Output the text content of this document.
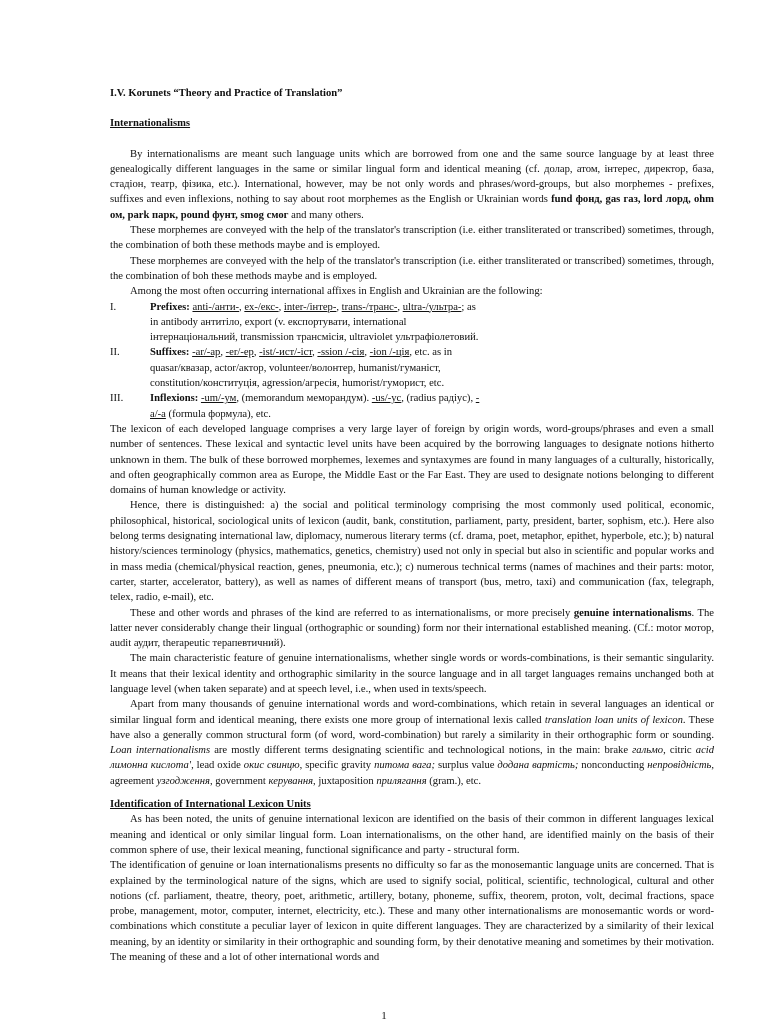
I.V. Korunets “Theory and Practice of Translation”
Internationalisms

By internationalisms are meant such language units which are borrowed from one and the same source language by at least three genealogically different languages in the same or similar lingual form and identical meaning (cf. долар, атом, інтерес, директор, база, стадіон, театр, фізика, etc.). International, however, may be not only words and phrases/word-groups, but also morphemes - prefixes, suffixes and even inflexions, nothing to say about root morphemes as the English or Ukrainian words fund фонд, gas газ, lord лорд, ohm ом, park парк, pound фунт, smog смог and many others.

These morphemes are conveyed with the help of the translator's transcription (i.e. either transliterated or transcribed) sometimes, through, the combination of both these methods maybe and is employed.

These morphemes are conveyed with the help of the translator's transcription (i.e. either transliterated or transcribed) sometimes, through, the combination of boh these methods maybe and is employed.

Among the most often occurring international affixes in English and Ukrainian are the following:

I.	Prefixes: anti-/анти-, ex-/екс-, inter-/інтер-, trans-/транс-, ultra-/ультра-; as in antibody антитіло, export (v. експортувати, international інтернаціональний, transmission трансмісія, ultraviolet ультрафіолетовий.
II.	Suffixes: -ar/-ар, -er/-ер, -ist/-ист/-іст, -ssion /-сія, -ion /-ція, etc. as in quasar/квазар, actor/актор, volunteer/волонтер, humanist/гуманіст, constitution/конституція, agression/агресія, humorist/гуморист, etc.
III.	Inflexions: -um/-ум, (memorandum меморандум). -us/-ус, (radius радіус), -a/-а (formula формула), etc.

The lexicon of each developed language comprises a very large layer of foreign by origin words, word-groups/phrases and even a small number of sentences. These lexical and syntactic level units have been acquired by the borrowing languages to designate notions hitherto unknown in them. The bulk of these borrowed morphemes, lexemes and syntaxymes are found in many languages of a culturally, historically, and often geographically common area as Europe, the Middle East or the Far East. They are used to designate notions belonging to different domains of human knowledge or activity.

Hence, there is distinguished: a) the social and political terminology comprising the most commonly used political, economic, philosophical, historical, sociological units of lexicon (audit, bank, constitution, parliament, party, president, barter, sophism, etc.). Here also belong terms designating international law, diplomacy, numerous literary terms (cf. drama, poet, metaphor, epithet, hyperbole, etc.); b) natural history/sciences terminology (physics, mathematics, genetics, chemistry) used not only in special but also in scientific and popular works and in mass media (chemical/physical reaction, genes, pneumonia, etc.); c) numerous technical terms (names of machines and their parts: motor, carter, starter, accelerator, battery), as well as names of different means of transport (bus, metro, taxi) and communication (fax, telegraph, telex, radio, e-mail), etc.

These and other words and phrases of the kind are referred to as internationalisms, or more precisely genuine internationalisms. The latter never considerably change their lingual (orthographic or sounding) form nor their international established meaning. (Cf.: motor мотор, audit аудит, therapeutic терапевтичний).

The main characteristic feature of genuine internationalisms, whether single words or words-combinations, is their semantic singularity. It means that their lexical identity and orthographic similarity in the source language and in all target languages remains unchanged both at language level (when taken separate) and at speech level, i.e., when used in texts/speech.

Apart from many thousands of genuine international words and word-combinations, which retain in several languages an identical or similar lingual form and identical meaning, there exists one more group of international lexis called translation loan units of lexicon. These have also a generally common structural form (of word, word-combination) but rarely a similarity in their orthographic form or sounding. Loan internationalisms are mostly different terms designating scientific and technological notions, in the main: brake гальмо, citric acid лимонна кислота', lead oxide окис свинцю, specific gravity питома вага; surplus value додана вартість; nonconducting непровідність, agreement узгодження, government керування, juxtaposition прилягання (gram.), etc.

Identification of International Lexicon Units

As has been noted, the units of genuine international lexicon are identified on the basis of their common in different languages lexical meaning and identical or only similar lingual form. Loan internationalisms, on the other hand, are identified mainly on the basis of their common sphere of use, their lexical meaning, functional significance and party - structural form.

The identification of genuine or loan internationalisms presents no difficulty so far as the monosemantic language units are concerned. That is explained by the terminological nature of the signs, which are used to signify social, political, scientific, technological, cultural and other notions (cf. parliament, theatre, theory, poet, arithmetic, artillery, botany, phoneme, suffix, theorem, proton, volt, decimal fractions, space probe, management, motor, computer, internet, electricity, etc.). These and many other internationalisms are monosemantic words or word-combinations which constitute a peculiar layer of lexicon in quite different languages. They are characterized by a similarity of their lexical meaning, by an identity or similarity in their orthographic and sounding form, by their denotative meaning and sometimes by their motivation. The meaning of these and a lot of other international words and

1
